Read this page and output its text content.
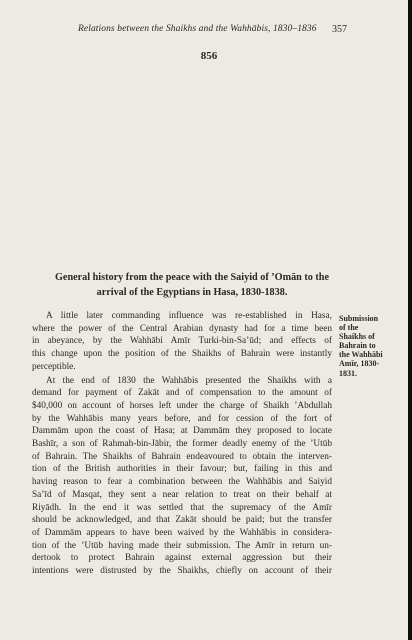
Relations between the Shaikhs and the Wahhābis, 1830–1836 357
856
General history from the peace with the Saiyid of ’Omān to the
arrival of the Egyptians in Hasa, 1830-1838.

A little later commanding influence was re-established in Hasa,
where the power of the Central Arabian dynasty had for a time been
in abeyance, by the Wahhābi Amīr Turki-bin-Sa’ūd; and effects of
this change upon the position of the Shaikhs of Bahrain were instantly
perceptible.

At the end of 1830 the Wahhābis presented the Shaikhs with a
demand for payment of Zakāt and of compensation to the amount of
$40,000 on account of horses left under the charge of Shaikh ’Abdullah
by the Wahhābis many years before, and for cession of the fort of
Dammām upon the coast of Hasa; at Dammām they proposed to locate
Bashīr, a son of Rahmah-bin-Jābir, the former deadly enemy of the ’Utūb
of Bahrain. The Shaikhs of Bahrain endeavoured to obtain the interven-
tion of the British authorities in their favour; but, failing in this and
having reason to fear a combination between the Wahhābis and Saiyid
Sa’īd of Masqat, they sent a near relation to treat on their behalf at
Riyādh. In the end it was settled that the supremacy of the Amīr
should be acknowledged, and that Zakāt should be paid; but the transfer
of Dammām appears to have been waived by the Wahhābis in considera-
tion of the ’Utūb having made their submission. The Amīr in return un-
dertook to protect Bahrain against external aggression but their
intentions were distrusted by the Shaikhs, chiefly on account of their

Submission
of the
Shaikhs of
Bahrain to
the Wahhābi
Amīr, 1830-
1831.
